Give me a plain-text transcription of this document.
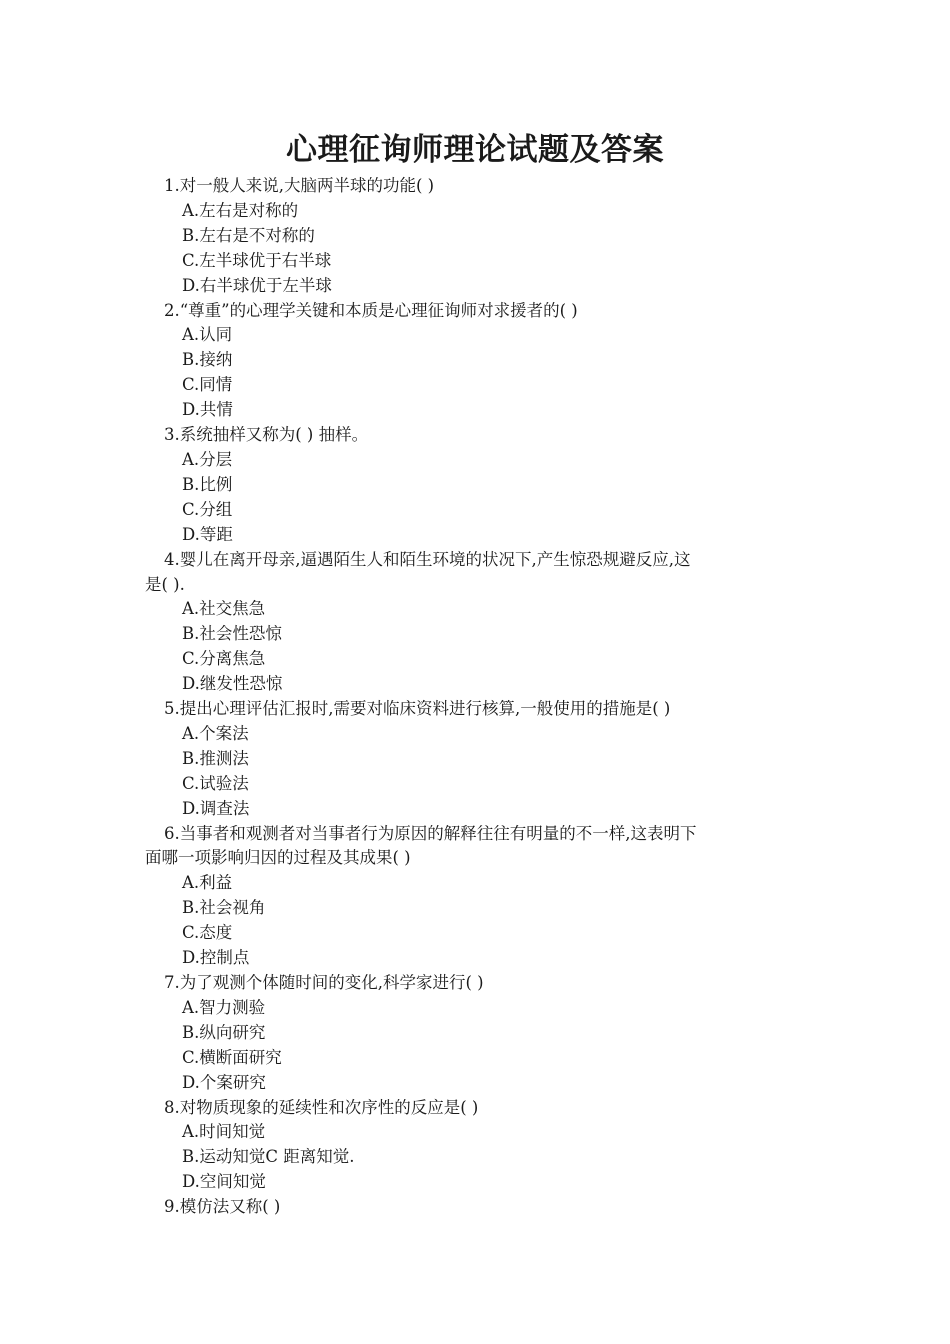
心理征询师理论试题及答案
1.对一般人来说,大脑两半球的功能( )
A.左右是对称的
B.左右是不对称的
C.左半球优于右半球
D.右半球优于左半球
2.“尊重”的心理学关键和本质是心理征询师对求援者的( )
A.认同
B.接纳
C.同情
D.共情
3.系统抽样又称为( ) 抽样。
A.分层
B.比例
C.分组
D.等距
4.婴儿在离开母亲,逼遇陌生人和陌生环境的状况下,产生惊恐规避反应,这
是( ).
A.社交焦急
B.社会性恐惊
C.分离焦急
D.继发性恐惊
5.提出心理评估汇报时,需要对临床资料进行核算,一般使用的措施是( )
A.个案法
B.推测法
C.试验法
D.调查法
6.当事者和观测者对当事者行为原因的解释往往有明量的不一样,这表明下
面哪一项影响归因的过程及其成果( )
A.利益
B.社会视角
C.态度
D.控制点
7.为了观测个体随时间的变化,科学家进行( )
A.智力测验
B.纵向研究
C.横断面研究
D.个案研究
8.对物质现象的延续性和次序性的反应是( )
A.时间知觉
B.运动知觉C 距离知觉.
D.空间知觉
9.模仿法又称( )
